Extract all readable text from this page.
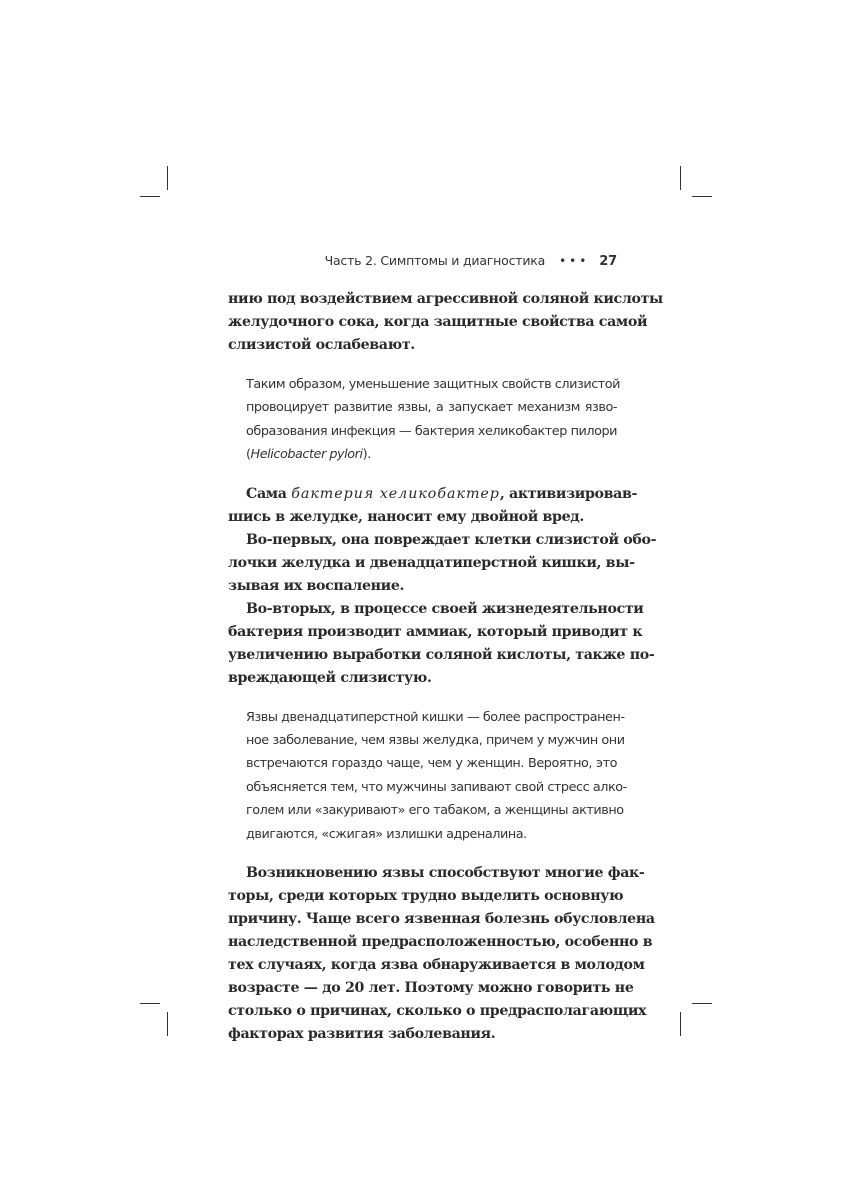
Часть 2. Симптомы и диагностика ••• 27
нию под воздействием агрессивной соляной кислоты
желудочного сока, когда защитные свойства самой
слизистой ослабевают.
Таким образом, уменьшение защитных свойств слизистой
провоцирует развитие язвы, а запускает механизм язво-
образования инфекция — бактерия хеликобактер пилори
(Helicobacter pylori).
Сама бактерия хеликобактер, активизировав-
шись в желудке, наносит ему двойной вред.
Во-первых, она повреждает клетки слизистой обо-
лочки желудка и двенадцатиперстной кишки, вы-
зывая их воспаление.
Во-вторых, в процессе своей жизнедеятельности
бактерия производит аммиак, который приводит к
увеличению выработки соляной кислоты, также по-
вреждающей слизистую.
Язвы двенадцатиперстной кишки — более распространен-
ное заболевание, чем язвы желудка, причем у мужчин они
встречаются гораздо чаще, чем у женщин. Вероятно, это
объясняется тем, что мужчины запивают свой стресс алко-
голем или «закуривают» его табаком, а женщины активно
двигаются, «сжигая» излишки адреналина.
Возникновению язвы способствуют многие фак-
торы, среди которых трудно выделить основную
причину. Чаще всего язвенная болезнь обусловлена
наследственной предрасположенностью, особенно в
тех случаях, когда язва обнаруживается в молодом
возрасте — до 20 лет. Поэтому можно говорить не
столько о причинах, сколько о предрасполагающих
факторах развития заболевания.
